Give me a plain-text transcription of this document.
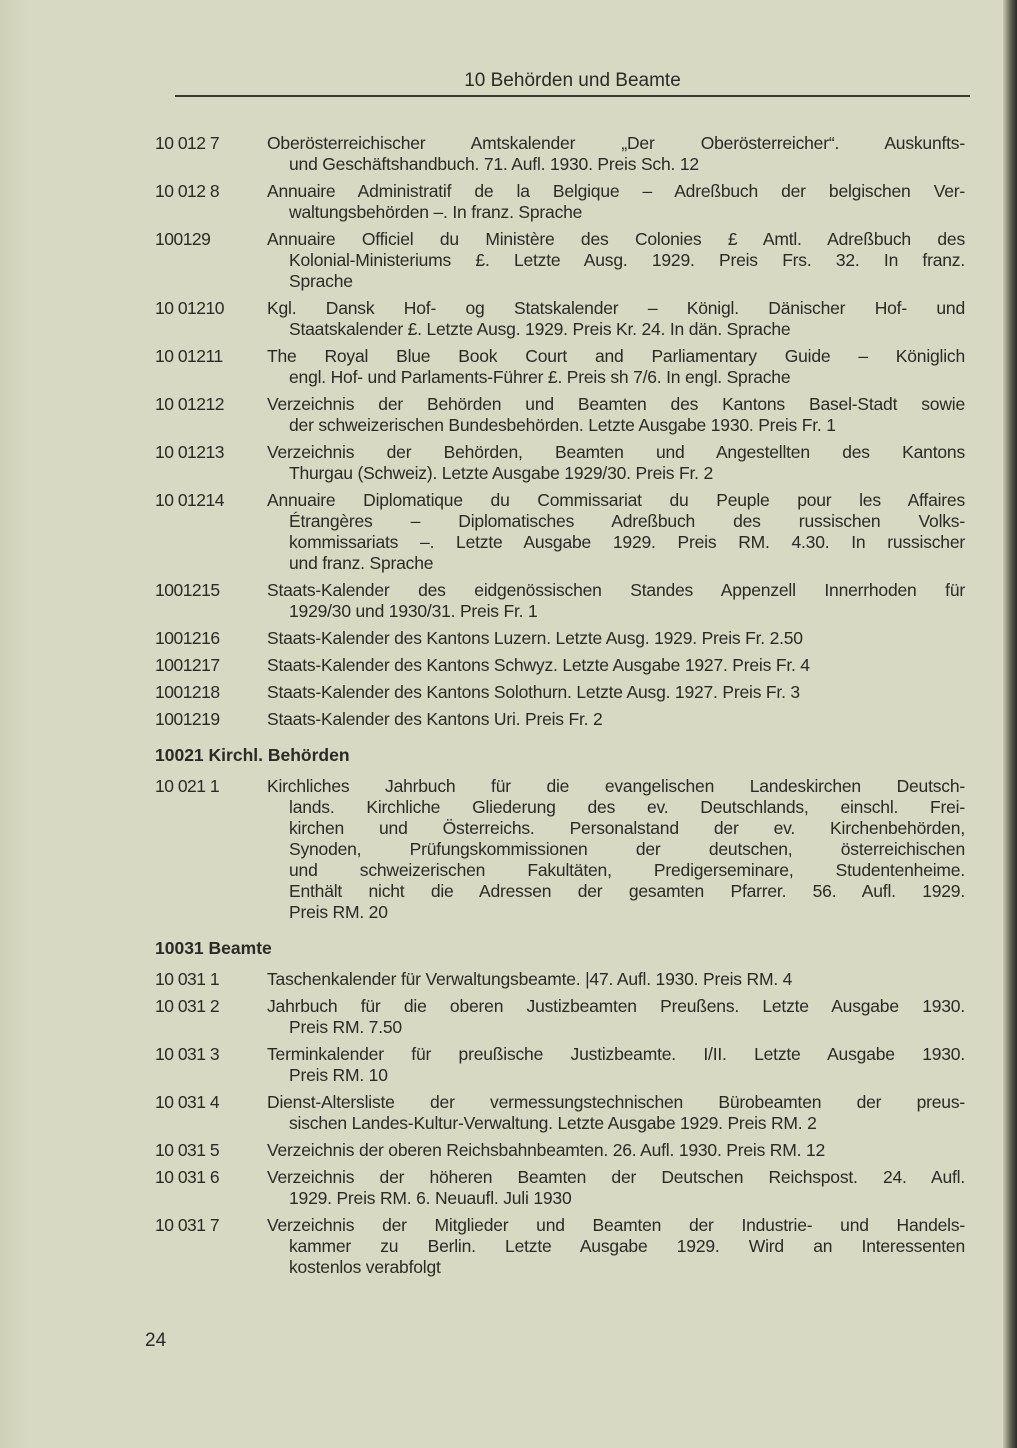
10 Behörden und Beamte
10 012 7	Oberösterreichischer Amtskalender „Der Oberösterreicher“. Auskunfts-
und Geschäftshandbuch. 71. Aufl. 1930. Preis Sch. 12
10 012 8	Annuaire Administratif de la Belgique – Adreßbuch der belgischen Ver-
waltungsbehörden –. In franz. Sprache
100129	Annuaire Officiel du Ministère des Colonies £ Amtl. Adreßbuch des
Kolonial-Ministeriums £. Letzte Ausg. 1929. Preis Frs. 32. In franz.
Sprache
10 01210	Kgl. Dansk Hof- og Statskalender – Königl. Dänischer Hof- und
Staatskalender £. Letzte Ausg. 1929. Preis Kr. 24. In dän. Sprache
10 01211	The Royal Blue Book Court and Parliamentary Guide – Königlich
engl. Hof- und Parlaments-Führer £. Preis sh 7/6. In engl. Sprache
10 01212	Verzeichnis der Behörden und Beamten des Kantons Basel-Stadt sowie
der schweizerischen Bundesbehörden. Letzte Ausgabe 1930. Preis Fr. 1
10 01213	Verzeichnis der Behörden, Beamten und Angestellten des Kantons
Thurgau (Schweiz). Letzte Ausgabe 1929/30. Preis Fr. 2
10 01214	Annuaire Diplomatique du Commissariat du Peuple pour les Affaires
Étrangères – Diplomatisches Adreßbuch des russischen Volks-
kommissariats –. Letzte Ausgabe 1929. Preis RM. 4.30. In russischer
und franz. Sprache
1001215	Staats-Kalender des eidgenössischen Standes Appenzell Innerrhoden für
1929/30 und 1930/31. Preis Fr. 1
1001216	Staats-Kalender des Kantons Luzern. Letzte Ausg. 1929. Preis Fr. 2.50
1001217	Staats-Kalender des Kantons Schwyz. Letzte Ausgabe 1927. Preis Fr. 4
1001218	Staats-Kalender des Kantons Solothurn. Letzte Ausg. 1927. Preis Fr. 3
1001219	Staats-Kalender des Kantons Uri. Preis Fr. 2
10021 Kirchl. Behörden
10 021 1	Kirchliches Jahrbuch für die evangelischen Landeskirchen Deutsch-
lands. Kirchliche Gliederung des ev. Deutschlands, einschl. Frei-
kirchen und Österreichs. Personalstand der ev. Kirchenbehörden,
Synoden, Prüfungskommissionen der deutschen, österreichischen
und schweizerischen Fakultäten, Predigerseminare, Studentenheime.
Enthält nicht die Adressen der gesamten Pfarrer. 56. Aufl. 1929.
Preis RM. 20
10031 Beamte
10 031 1	Taschenkalender für Verwaltungsbeamte. |47. Aufl. 1930. Preis RM. 4
10 031 2	Jahrbuch für die oberen Justizbeamten Preußens. Letzte Ausgabe 1930.
Preis RM. 7.50
10 031 3	Terminkalender für preußische Justizbeamte. I/II. Letzte Ausgabe 1930.
Preis RM. 10
10 031 4	Dienst-Altersliste der vermessungstechnischen Bürobeamten der preus-
sischen Landes-Kultur-Verwaltung. Letzte Ausgabe 1929. Preis RM. 2
10 031 5	Verzeichnis der oberen Reichsbahnbeamten. 26. Aufl. 1930. Preis RM. 12
10 031 6	Verzeichnis der höheren Beamten der Deutschen Reichspost. 24. Aufl.
1929. Preis RM. 6. Neuaufl. Juli 1930
10 031 7	Verzeichnis der Mitglieder und Beamten der Industrie- und Handels-
kammer zu Berlin. Letzte Ausgabe 1929. Wird an Interessenten
kostenlos verabfolgt
24
